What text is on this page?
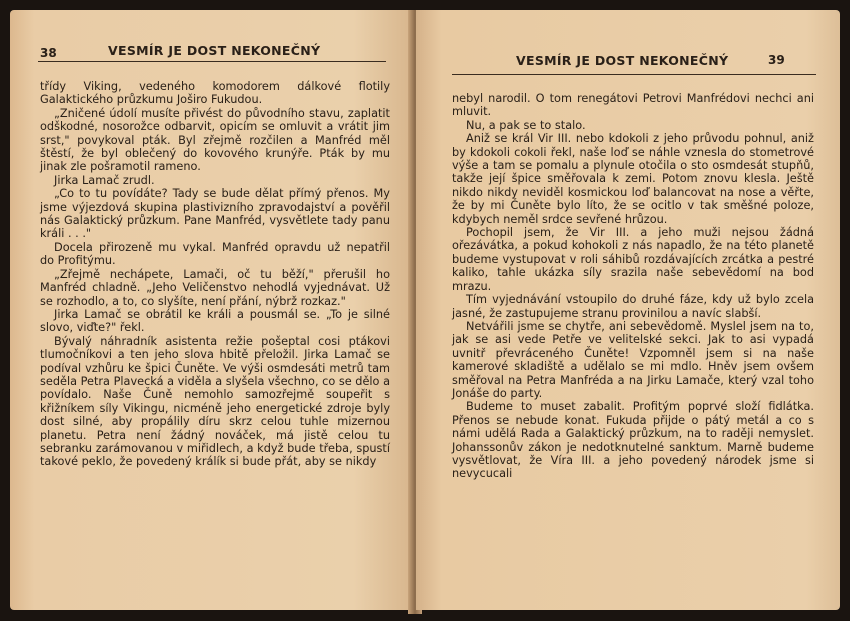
38	VESMÍR JE DOST NEKONEČNÝ

třídy Viking, vedeného komodorem dálkové flotily Galaktického průzkumu Joširo Fukudou.

„Zničené údolí musíte přivést do původního stavu, zaplatit odškodné, nosorožce odbarvit, opicím se omluvit a vrátit jim srst," povykoval pták. Byl zřejmě rozčilen a Manfréd měl štěstí, že byl oblečený do kovového krunýře. Pták by mu jinak zle pošramotil rameno.

Jirka Lamač zrudl.

„Co to tu povídáte? Tady se bude dělat přímý přenos. My jsme výjezdová skupina plastivizního zpravodajství a pověřil nás Galaktický průzkum. Pane Manfréd, vysvětlete tady panu králi . . ."

Docela přirozeně mu vykal. Manfréd opravdu už nepatřil do Profitýmu.

„Zřejmě nechápete, Lamači, oč tu běží," přerušil ho Manfréd chladně. „Jeho Veličenstvo nehodlá vyjednávat. Už se rozhodlo, a to, co slyšíte, není přání, nýbrž rozkaz."

Jirka Lamač se obrátil ke králi a pousmál se. „To je silné slovo, viďte?" řekl.

Bývalý náhradník asistenta režie pošeptal cosi ptákovi tlumočníkovi a ten jeho slova hbitě přeložil. Jirka Lamač se podíval vzhůru ke špici Čuněte. Ve výši osmdesáti metrů tam seděla Petra Plavecká a viděla a slyšela všechno, co se dělo a povídalo. Naše Čuně nemohlo samozřejmě soupeřit s křižníkem síly Vikingu, nicméně jeho energetické zdroje byly dost silné, aby propálily díru skrz celou tuhle mizernou planetu. Petra není žádný nováček, má jistě celou tu sebranku zarámovanou v miřidlech, a když bude třeba, spustí takové peklo, že povedený králík si bude přát, aby se nikdy

VESMÍR JE DOST NEKONEČNÝ	39

nebyl narodil. O tom renegátovi Petrovi Manfrédovi nechci ani mluvit.

Nu, a pak se to stalo.

Aniž se král Vir III. nebo kdokoli z jeho průvodu pohnul, aniž by kdokoli cokoli řekl, naše loď se náhle vznesla do stometrové výše a tam se pomalu a plynule otočila o sto osmdesát stupňů, takže její špice směřovala k zemi. Potom znovu klesla. Ještě nikdo nikdy neviděl kosmickou loď balancovat na nose a věřte, že by mi Čuněte bylo líto, že se ocitlo v tak směšné poloze, kdybych neměl srdce sevřené hrůzou.

Pochopil jsem, že Vir III. a jeho muži nejsou žádná ořezávátka, a pokud kohokoli z nás napadlo, že na této planetě budeme vystupovat v roli sáhibů rozdávajících zrcátka a pestré kaliko, tahle ukázka síly srazila naše sebevědomí na bod mrazu.

Tím vyjednávání vstoupilo do druhé fáze, kdy už bylo zcela jasné, že zastupujeme stranu provinilou a navíc slabší.

Netvářili jsme se chytře, ani sebevědomě. Myslel jsem na to, jak se asi vede Petře ve velitelské sekci. Jak to asi vypadá uvnitř převráceného Čuněte! Vzpomněl jsem si na naše kamerové skladiště a udělalo se mi mdlo. Hněv jsem ovšem směřoval na Petra Manfréda a na Jirku Lamače, který vzal toho Jonáše do party.

Budeme to muset zabalit. Profitým poprvé složí fidlátka. Přenos se nebude konat. Fukuda přijde o pátý metál a co s námi udělá Rada a Galaktický průzkum, na to raději nemyslet. Johanssonův zákon je nedotknutelné sanktum. Marně budeme vysvětlovat, že Víra III. a jeho povedený národek jsme si nevycucali
